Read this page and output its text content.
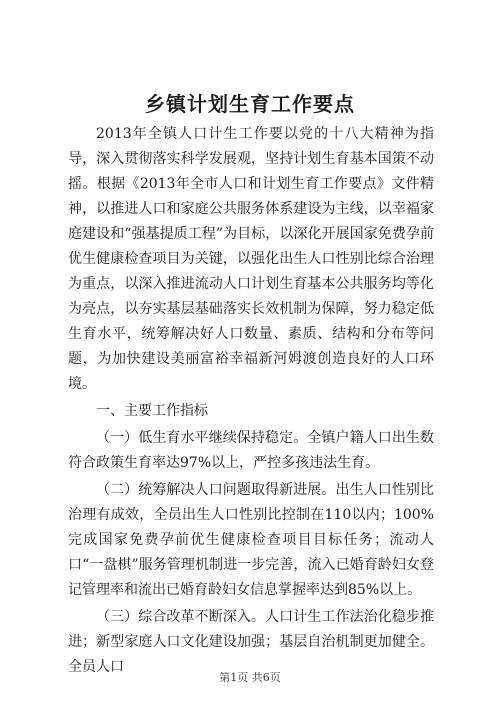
乡镇计划生育工作要点

2013年全镇人口计生工作要以党的十八大精神为指导，深入贯彻落实科学发展观，坚持计划生育基本国策不动摇。根据《2013年全市人口和计划生育工作要点》文件精神，以推进人口和家庭公共服务体系建设为主线，以幸福家庭建设和“强基提质工程”为目标，以深化开展国家免费孕前优生健康检查项目为关键，以强化出生人口性别比综合治理为重点，以深入推进流动人口计划生育基本公共服务均等化为亮点，以夯实基层基础落实长效机制为保障，努力稳定低生育水平，统筹解决好人口数量、素质、结构和分布等问题，为加快建设美丽富裕幸福新河姆渡创造良好的人口环境。

一、主要工作指标

（一）低生育水平继续保持稳定。全镇户籍人口出生数符合政策生育率达97%以上，严控多孩违法生育。

（二）统筹解决人口问题取得新进展。出生人口性别比治理有成效，全员出生人口性别比控制在110以内；100%完成国家免费孕前优生健康检查项目目标任务；流动人口“一盘棋”服务管理机制进一步完善，流入已婚育龄妇女登记管理率和流出已婚育龄妇女信息掌握率达到85%以上。

（三）综合改革不断深入。人口计生工作法治化稳步推进；新型家庭人口文化建设加强；基层自治机制更加健全。全员人口

第1页 共6页
